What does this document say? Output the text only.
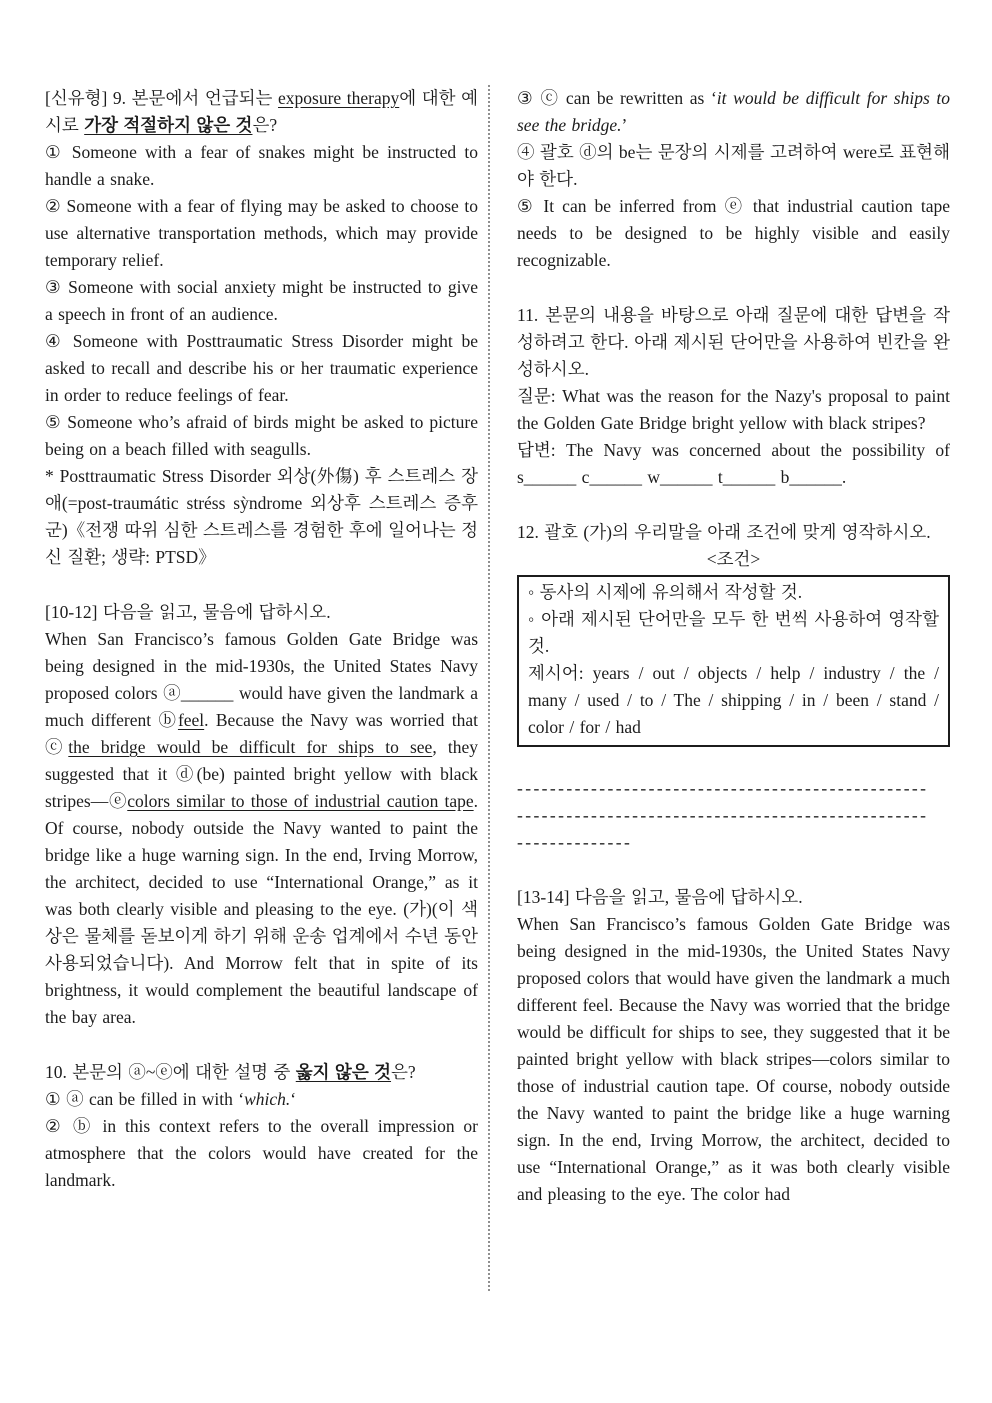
[신유형] 9. 본문에서 언급되는 exposure therapy에 대한 예시로 가장 적절하지 않은 것은?

① Someone with a fear of snakes might be instructed to handle a snake.

② Someone with a fear of flying may be asked to choose to use alternative transportation methods, which may provide temporary relief.

③ Someone with social anxiety might be instructed to give a speech in front of an audience.

④ Someone with Posttraumatic Stress Disorder might be asked to recall and describe his or her traumatic experience in order to reduce feelings of fear.

⑤ Someone who’s afraid of birds might be asked to picture being on a beach filled with seagulls.

* Posttraumatic Stress Disorder 외상(外傷) 후 스트레스 장애(=post-traumátic stréss sỳndrome 외상후 스트레스 증후군)《전쟁 따위 심한 스트레스를 경험한 후에 일어나는 정신 질환; 생략: PTSD》

[10-12] 다음을 읽고, 물음에 답하시오.

When San Francisco’s famous Golden Gate Bridge was being designed in the mid-1930s, the United States Navy proposed colors ⓐ______ would have given the landmark a much different ⓑfeel. Because the Navy was worried that ⓒthe bridge would be difficult for ships to see, they suggested that it ⓓ(be) painted bright yellow with black stripes—ⓔcolors similar to those of industrial caution tape. Of course, nobody outside the Navy wanted to paint the bridge like a huge warning sign. In the end, Irving Morrow, the architect, decided to use “International Orange,” as it was both clearly visible and pleasing to the eye. (가)(이 색상은 물체를 돋보이게 하기 위해 운송 업계에서 수년 동안 사용되었습니다). And Morrow felt that in spite of its brightness, it would complement the beautiful landscape of the bay area.

10. 본문의 ⓐ~ⓔ에 대한 설명 중 옳지 않은 것은?

① ⓐ can be filled in with ‘which.‘

② ⓑ in this context refers to the overall impression or atmosphere that the colors would have created for the landmark.

③ ⓒ can be rewritten as ‘it would be difficult for ships to see the bridge.’

④ 괄호 ⓓ의 be는 문장의 시제를 고려하여 were로 표현해야 한다.

⑤ It can be inferred from ⓔ that industrial caution tape needs to be designed to be highly visible and easily recognizable.

11. 본문의 내용을 바탕으로 아래 질문에 대한 답변을 작성하려고 한다. 아래 제시된 단어만을 사용하여 빈칸을 완성하시오.

질문: What was the reason for the Nazy's proposal to paint the Golden Gate Bridge bright yellow with black stripes?

답변: The Navy was concerned about the possibility of s______ c______ w______ t______ b______.

12. 괄호 (가)의 우리말을 아래 조건에 맞게 영작하시오.

<조건>

◦ 동사의 시제에 유의해서 작성할 것.

◦ 아래 제시된 단어만을 모두 한 번씩 사용하여 영작할 것.

제시어: years / out / objects / help / industry / the / many / used / to / The / shipping / in / been / stand / color / for / had

--------------------------------------------------
--------------------------------------------------
--------------

[13-14] 다음을 읽고, 물음에 답하시오.

When San Francisco’s famous Golden Gate Bridge was being designed in the mid-1930s, the United States Navy proposed colors that would have given the landmark a much different feel. Because the Navy was worried that the bridge would be difficult for ships to see, they suggested that it be painted bright yellow with black stripes—colors similar to those of industrial caution tape. Of course, nobody outside the Navy wanted to paint the bridge like a huge warning sign. In the end, Irving Morrow, the architect, decided to use “International Orange,” as it was both clearly visible and pleasing to the eye. The color had
